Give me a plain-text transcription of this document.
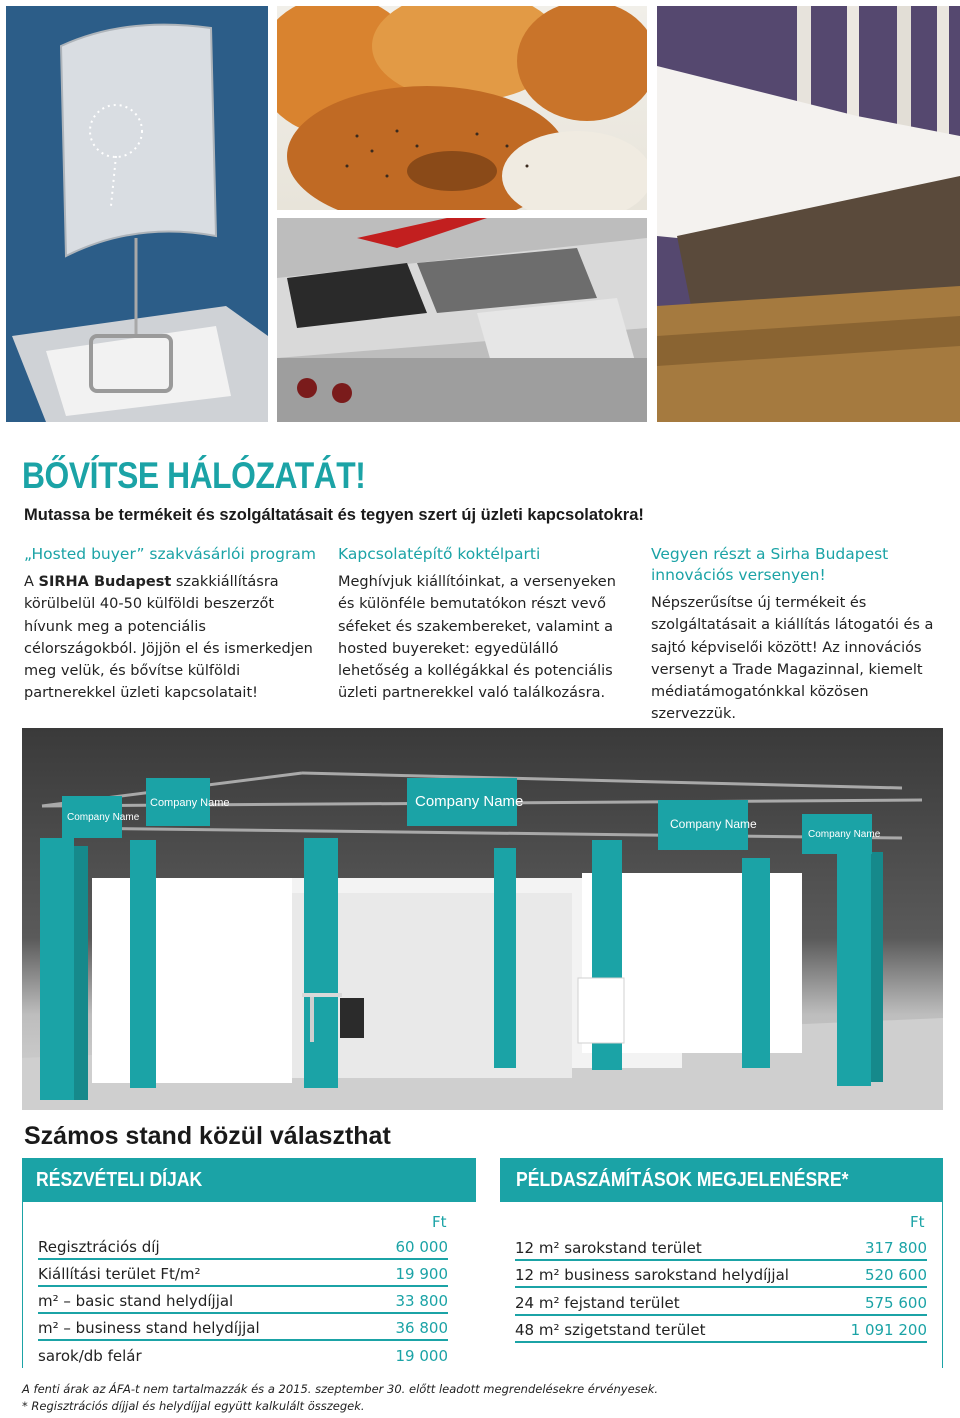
BŐVÍTSE HÁLÓZATÁT!
Mutassa be termékeit és szolgáltatásait és tegyen szert új üzleti kapcsolatokra!
„Hosted buyer” szakvásárlói program

A SIRHA Budapest szakkiállításra körülbelül 40-50 külföldi beszerzőt hívunk meg a potenciális célországokból. Jöjjön el és ismerkedjen meg velük, és bővítse külföldi partnerekkel üzleti kapcsolatait!

Kapcsolatépítő koktélparti

Meghívjuk kiállítóinkat, a versenyeken és különféle bemutatókon részt vevő séfeket és szakembereket, valamint a hosted buyereket: egyedülálló lehetőség a kollégákkal és potenciális üzleti partnerekkel való találkozásra.

Vegyen részt a Sirha Budapest innovációs versenyen!

Népszerűsítse új termékeit és szolgáltatásait a kiállítás látogatói és a sajtó képviselői között! Az innovációs versenyt a Trade Magazinnal, kiemelt médiatámogatónkkal közösen szervezzük.

Company Name
Company Name	Company Name
Company Name
Company Name
Számos stand közül választhat
RÉSZVÉTELI DÍJAK	PÉLDASZÁMÍTÁSOK MEGJELENÉSRE*
Ft	Ft
Regisztrációs díj	60 000
Kiállítási terület Ft/m²	19 900
m² – basic stand helydíjjal	33 800
m² – business stand helydíjjal	36 800
sarok/db felár	19 000
12 m² sarokstand terület	317 800
12 m² business sarokstand helydíjjal	520 600
24 m² fejstand terület	575 600
48 m² szigetstand terület	1 091 200
A fenti árak az ÁFA-t nem tartalmazzák és a 2015. szeptember 30. előtt leadott megrendelésekre érvényesek.
* Regisztrációs díjjal és helydíjjal együtt kalkulált összegek.
